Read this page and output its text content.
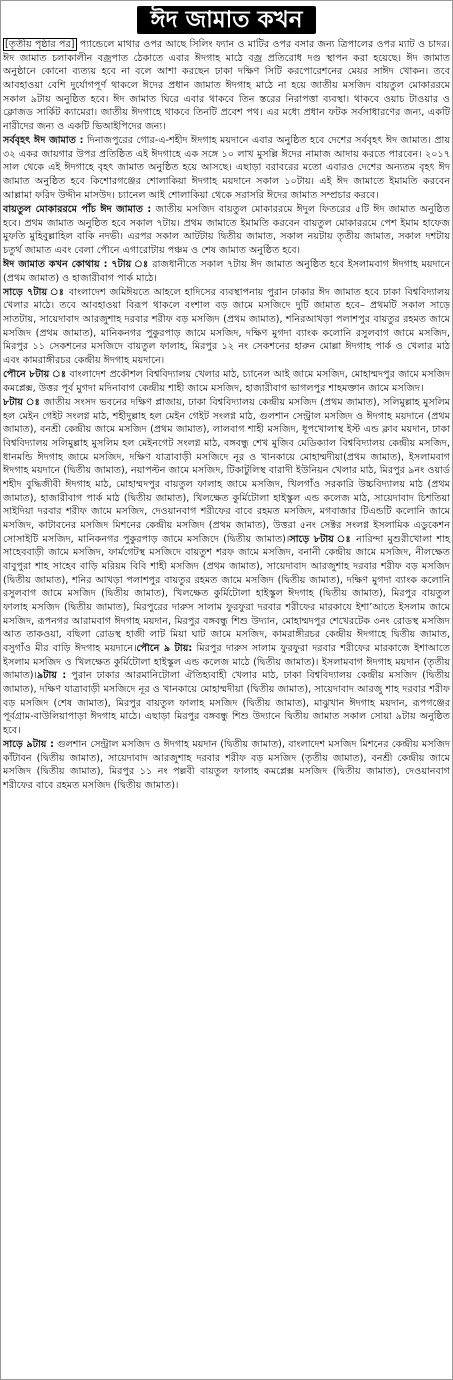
ঈদ জামাত কখন

[তৃতীয় পৃষ্ঠার পর] প্যান্ডেলে মাথার ওপর আছে সিলিং ফ্যান ও মাটির ওপর বসার জন্য ত্রিপালের ওপর ম্যাট ও চাদর। ঈদ জামাত চলাকালীন বজ্রপাত ঠেকাতে এবার ঈদগাহ মাঠে বজ্র প্রতিরোধ দণ্ড স্থাপন করা হয়েছে। ঈদ জামাত অনুষ্ঠানে কোনো ব্যত্যয় হবে না বলে আশা করছেন ঢাকা দক্ষিণ সিটি করপোরেশনের মেয়র সাঈদ খোকন। তবে আবহাওয়া বেশি দুর্যোগপূর্ণ থাকলে ঈদের প্রধান জামাত ঈদগাহ মাঠে না হয়ে জাতীয় মসজিদ বায়তুল মোকাররমে সকাল ৯টায় অনুষ্ঠিত হবে। ঈদ জামাত ঘিরে এবার থাকবে তিন স্তরের নিরাপত্তা ব্যবস্থা। থাকবে ওয়াচ টাওয়ার ও ক্লোজড সার্কিট ক্যামেরা। জাতীয় ঈদগাহে থাকবে তিনটি প্রবেশ পথ। এর মধ্যে প্রধান ফটক সর্বসাধারণের জন্য, একটি নারীদের জন্য ও একটি ভিআইপিদের জন্য।

সর্ববৃহৎ ঈদ জামাত : দিনাজপুরের গোর-এ-শহীদ ঈদগাহ ময়দানে এবার অনুষ্ঠিত হবে দেশের সর্ববৃহৎ ঈদ জামাত। প্রায় ৩২ একর জায়গার উপর প্রতিষ্ঠিত এই ঈদগাহে এক সঙ্গে ১০ লাখ মুসল্লি ঈদের নামাজ আদায় করতে পারবেন। ২০১৭ সাল থেকে এই ঈদগাহে বৃহৎ জামাত অনুষ্ঠিত হয়ে আসছে। এছাড়া বরাবরের মতো এবারও দেশের অন্যতম বৃহৎ ঈদ জামাত অনুষ্ঠিত হবে কিশোরগঞ্জের শোলাকিয়া ঈদগাহ ময়দানে সকাল ১০টায়। এই ঈদ জামাতে ইমামতি করবেন আল্লামা ফরিদ উদ্দীন মাসউদ। চ্যানেল আই শোলাকিয়া থেকে সরাসরি ঈদের জামাত সম্প্রচার করবে।

বায়তুল মোকাররমে পাঁচ ঈদ জামাত : জাতীয় মসজিদ বায়তুল মোকাররমে ঈদুল ফিতরের ৫টি ঈদ জামাত অনুষ্ঠিত হবে। প্রথম জামাত অনুষ্ঠিত হবে সকাল ৭টায়। প্রথম জামাতে ইমামতি করবেন বায়তুল মোকাররমে পেশ ইমাম হাফেজ মুফতি মুহিবুল্লাহিল বাকি নদভী। এরপর সকাল আটটায় দ্বিতীয় জামাত, সকাল নয়টায় তৃতীয় জামাত, সকাল দশটায় চতুর্থ জামাত এবং বেলা পৌনে এগারোটায় পঞ্চম ও শেষ জামাত অনুষ্ঠিত হবে।

ঈদ জামাত কখন কোথায় : ৭টায় ঃ রাজধানীতে সকাল ৭টায় ঈদ জামাত অনুষ্ঠিত হবে ইসলামবাগ ঈদগাহ ময়দানে (প্রথম জামাত) ও হাজারীবাগ পার্ক মাঠে।

সাড়ে ৭টায় ঃ বাংলাদেশ জমিঈয়তে আহলে হাদিসের ব্যবস্থাপনায় পুরান ঢাকার ঈদ জামাত হবে ঢাকা বিশ্ববিদ্যালয় খেলার মাঠে। তবে আবহাওয়া বিরূপ থাকলে বংশাল বড় জামে মসজিদে দুটি জামাত হবে– প্রথমটি সকাল সাড়ে সাতটায়, সায়েদাবাদ আরজুশাহ দরবার শরীফ বড় মসজিদ (প্রথম জামাত), শনিরআখড়া পলাশপুর বায়তুর রহমত জামে মসজিদ (প্রথম জামাত), মানিকনগর পুকুরপাড় জামে মসজিদ, দক্ষিণ মুগদা ব্যাংক কলোনি রসুলবাগ জামে মসজিদ, মিরপুর ১১ সেকশনের মসজিদে বায়তুল ফালাহ, মিরপুর ১২ নং সেকশনের হারুন মোল্লা ঈদগাহ পার্ক ও খেলার মাঠ এবং কামরাঙ্গীরচর কেন্দ্রীয় ঈদগাহ ময়দানে।

পৌনে ৮টায় ঃ বাংলাদেশ প্রকৌশল বিশ্ববিদ্যালয় খেলার মাঠ, চ্যানেল আই জামে মসজিদ, মোহাম্মদপুর জামে মসজিদ কমপ্লেক্স, উত্তর পূর্ব মুগদা মদিনাবাগ কেন্দ্রীয় শাহী জামে মসজিদ, হাজারীবাগ ভাগলপুর শাহমক্তান জামে মসজিদ।

৮টায় ঃ জাতীয় সংসদ ভবনের দক্ষিণ প্লাজায়, ঢাকা বিশ্ববিদ্যালয় কেন্দ্রীয় মসজিদ (প্রথম জামাত), সলিমুল্লাহ মুসলিম হল মেইন গেইট সংলগ্ন মাঠ, শহীদুল্লাহ হল মেইন গেইট সংলগ্ন মাঠ, গুলশান সেন্ট্রাল মসজিদ ও ঈদগাহ ময়দানে (প্রথম জামাত), বনশ্রী কেন্দ্রীয় জামে মসজিদ (প্রথম জামাত), লালবাগ শাহী মসজিদ, ধূপখোলাস্থ ইস্ট এন্ড ক্লাব ময়দান, ঢাকা বিশ্ববিদ্যালয় সলিমুল্লাহ মুসলিম হল মেইনগেট সংলগ্ন মাঠ, বঙ্গবন্ধু শেখ মুজিব মেডিক্যাল বিশ্ববিদ্যালয় কেন্দ্রীয় মসজিদ, ধানমন্ডি ঈদগাহ জামে মসজিদ, দক্ষিণ যাত্রাবাড়ী মসজিদে নূর ও খানকায়ে মোহাম্মদীয়া(প্রথম জামাত), ইসলামবাগ ঈদগাহ ময়দানে (দ্বিতীয় জামাত), নয়াপল্টন জামে মসজিদ, টিকাটুলিস্থ বারাদী ইউনিয়ন খেলার মাঠ, মিরপুর ৯নং ওয়ার্ড শহীদ বুদ্ধিজীবী ঈদগাহ মাঠ, মোহাম্মদপুর বায়তুল ফালাহ জামে মসজিদ, খিলগাঁও সরকারি উচ্চবিদ্যালয় মাঠ (প্রথম জামাত), হাজারীবাগ পার্ক মাঠ (দ্বিতীয় জামাত), খিলক্ষেত কুর্মিটোলা হাইস্কুল এন্ড কলেজ মাঠ, সায়েদাবাদ চিশতিয়া সাইদিয়া দরবার শরীফ জামে মসজিদ, দেওয়ানবাগ শরীফের বাবে রহমত মসজিদ, মগবাজার টিএন্ডটি কলোনি জামে মসজিদ, কাটাবনের মসজিদ মিশনের কেন্দ্রীয় মসজিদ (প্রথম জামাত), উত্তরা ৫নং সেক্টর সংলগ্ন ইসলামিক এডুকেশন সোসাইটি মসজিদ, মানিকনগর পুকুরপাড় জামে মসজিদে (দ্বিতীয় জামাত)।সাড়ে ৮টায় ঃ নারিন্দা মুশুরীখোলা শাহ সাহেববাড়ী জামে মসজিদ, ফার্মগেটস্থ মসজিদে বায়তুশ শরফ জামে মসজিদ, বনানী কেন্দ্রীয় জামে মসজিদ, নীলক্ষেত বাবুপুরা শাহ সাহেব বাড়ি মরিয়ম বিবি শাহী মসজিদ (প্রথম জামাত), সায়েদাবাদ আরজুশাহ দরবার শরীফ বড় মসজিদ (দ্বিতীয় জামাত), শনির আখড়া পলাশপুর বায়তুর রহমত জামে মসজিদ (দ্বিতীয় জামাত), দক্ষিণ মুগদা ব্যাংক কলোনি রসুলবাগ জামে মসজিদ (দ্বিতীয় জামাত), খিলক্ষেত কুর্মিটোলা হাইস্কুল ঈদগাহ (দ্বিতীয় জামাত), মিরপুর বায়তুল ফালাহ মসজিদ (দ্বিতীয় জামাত), মিরপুরের দারুস সালাম ফুরফুরা দরবার শরীফের মারকাযে ইশা’আতে ইসলাম জামে মসজিদ, রূপনগর আরামবাগ ঈদগাহ ময়দান, মিরপুর বঙ্গবন্ধু শিশু উদ্যান, মোহাম্মদপুর শেখেরটেক ৩নং রোডস্থ মসজিদ আত তাকওয়া, বছিলা রোডস্থ হাজী লাট মিয়া ঘাট জামে মসজিদ, কামরাঙ্গীরচর কেন্দ্রীয় ঈদগাহে দ্বিতীয় জামাত, বসুগাঁও মীর বাড়ি ঈদগাহ ময়দানে।পৌনে ৯ টায়: মিরপুর দারুস সালাম ফুরফুরা দরবার শরীফের মারকাজে ইশাআতে ইসলাম মসজিদ ও খিলক্ষেত কুর্মিটোলা হাইস্কুল এন্ড কলেজ মাঠে (দ্বিতীয় জামাত)। ইসলামবাগ ঈদগাহ ময়দান (তৃতীয় জামাত)।৯টায় : পুরান ঢাকার আরমানিটোলা ঐতিহ্যবাহী খেলার মাঠ, ঢাকা বিশ্ববিদ্যালয় কেন্দ্রীয় মসজিদ (দ্বিতীয় জামাত), দক্ষিণ যাত্রাবাড়ী মসজিদে নূর ও খানকায়ে মোহাম্মদীয়া (দ্বিতীয় জামাত), সায়েদাবাদ আরজু শাহ দরবার শরীফ বড় মসজিদ (শেষ জামাত), মিরপুর বায়তুল ফালাহ মসজিদ (দ্বিতীয় জামাত), মাঝুখান ঈদগাহ ময়দান, রূপগঞ্জের পূর্বগ্রাম-বাউলিয়াপাড়া ঈদগাহ মাঠে। এছাড়া মিরপুর বঙ্গবন্ধু শিশু উদ্যানে দ্বিতীয় জামাত সকাল সোয়া ৯টায় অনুষ্ঠিত হবে।

সাড়ে ৯টায় : গুলশান সেন্ট্রাল মসজিদ ও ঈদগাহ ময়দান (দ্বিতীয় জামাত), বাংলাদেশ মসজিদ মিশনের কেন্দ্রীয় মসজিদ কাঁটাবন (দ্বিতীয় জামাত), সায়েদাবাদ আরজুশাহ দরবার শরীফ বড় মসজিদ (তৃতীয় জামাত), বনশ্রী কেন্দ্রীয় জামে মসজিদ (দ্বিতীয় জামাত), মিরপুর ১১ নং পল্লবী বায়তুল ফালাহ কমপ্লেক্স মসজিদ (দ্বিতীয় জামাত), দেওয়ানবাগ শরীফের বাবে রহমত মসজিদ (দ্বিতীয় জামাত)।
